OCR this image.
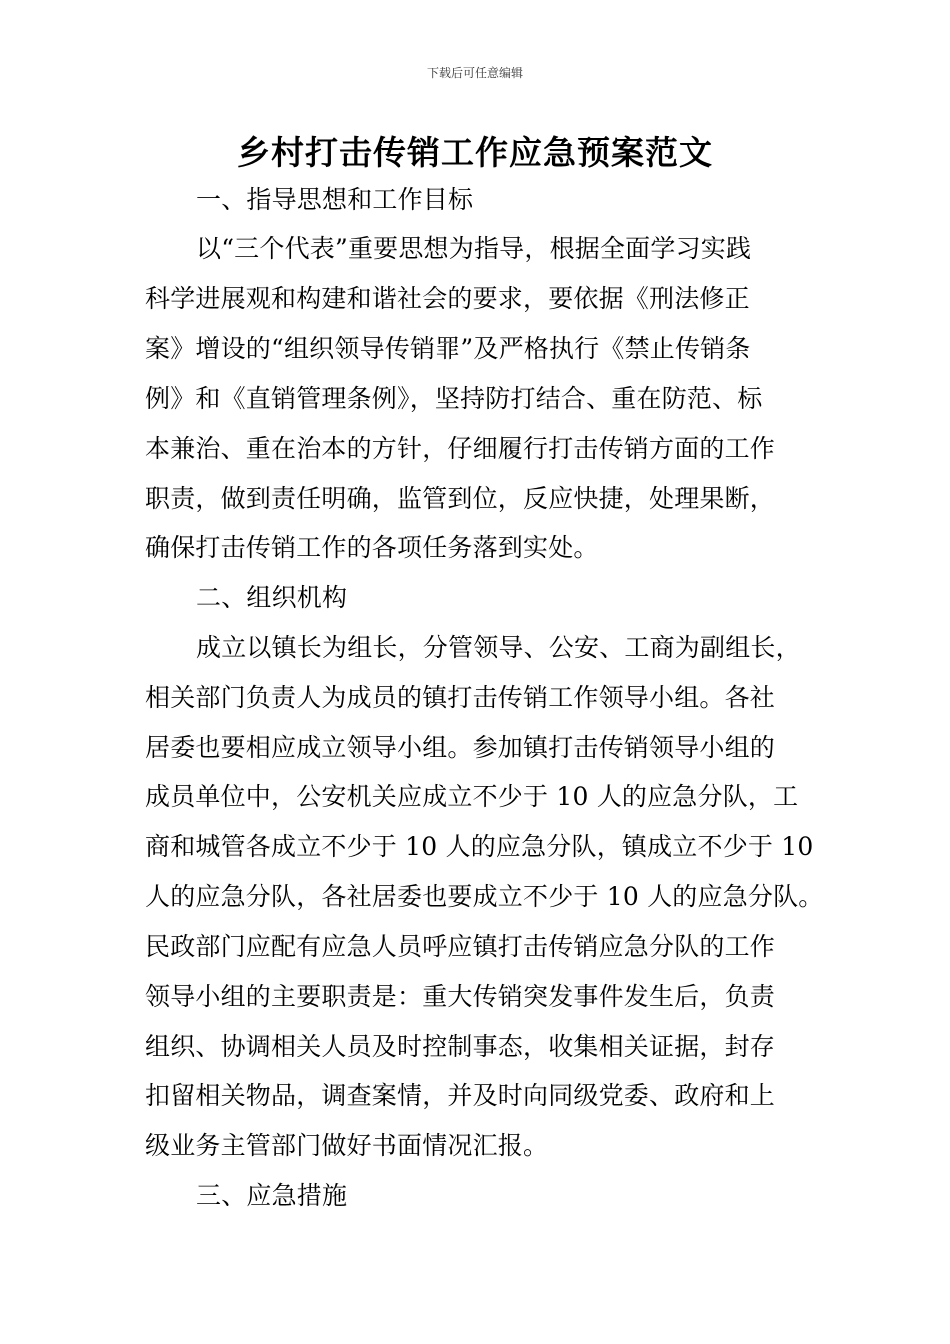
下载后可任意编辑
乡村打击传销工作应急预案范文
一、指导思想和工作目标
以“三个代表”重要思想为指导，根据全面学习实践
科学进展观和构建和谐社会的要求，要依据《刑法修正
案》增设的“组织领导传销罪”及严格执行《禁止传销条
例》和《直销管理条例》，坚持防打结合、重在防范、标
本兼治、重在治本的方针，仔细履行打击传销方面的工作
职责，做到责任明确，监管到位，反应快捷，处理果断，
确保打击传销工作的各项任务落到实处。
二、组织机构
成立以镇长为组长，分管领导、公安、工商为副组长，
相关部门负责人为成员的镇打击传销工作领导小组。各社
居委也要相应成立领导小组。参加镇打击传销领导小组的
成员单位中，公安机关应成立不少于 10 人的应急分队，工
商和城管各成立不少于 10 人的应急分队，镇成立不少于 10
人的应急分队，各社居委也要成立不少于 10 人的应急分队。
民政部门应配有应急人员呼应镇打击传销应急分队的工作
领导小组的主要职责是：重大传销突发事件发生后，负责
组织、协调相关人员及时控制事态，收集相关证据，封存
扣留相关物品，调查案情，并及时向同级党委、政府和上
级业务主管部门做好书面情况汇报。
三、应急措施
